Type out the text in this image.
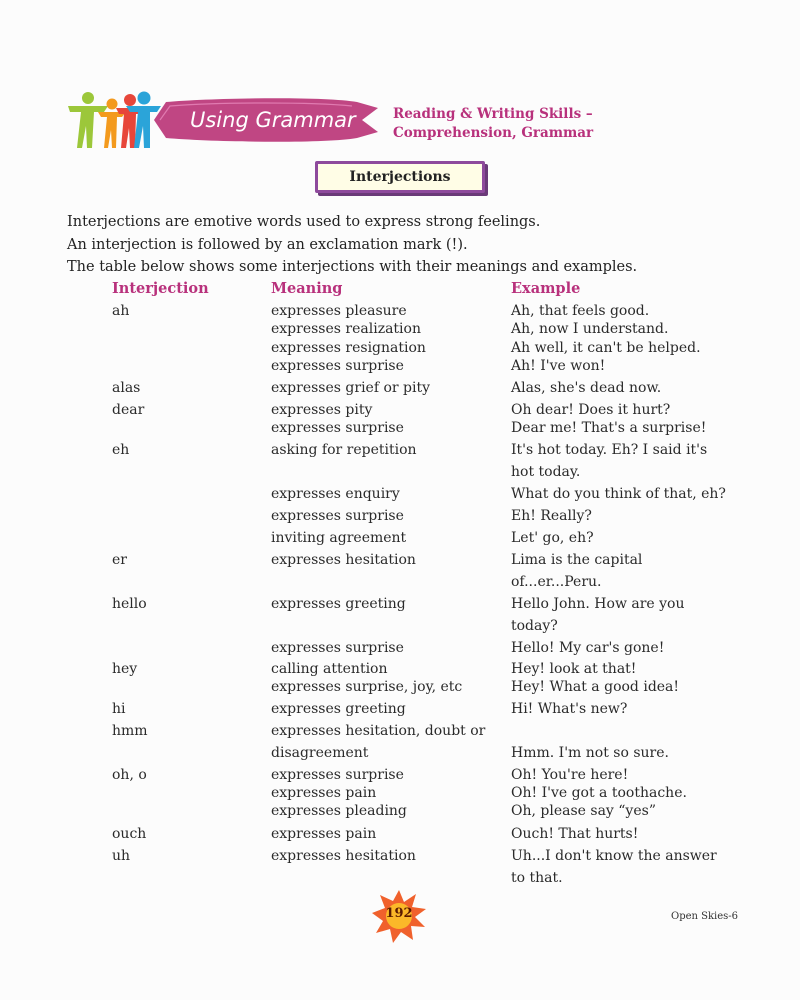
Using Grammar	Reading & Writing Skills –
Comprehension, Grammar
Interjections
Interjections are emotive words used to express strong feelings.
An interjection is followed by an exclamation mark (!).
The table below shows some interjections with their meanings and examples.
Interjection	Meaning	Example
ah	expresses pleasure	Ah, that feels good.
expresses realization	Ah, now I understand.
expresses resignation	Ah well, it can't be helped.
expresses surprise	Ah! I've won!
alas	expresses grief or pity	Alas, she's dead now.
dear	expresses pity	Oh dear! Does it hurt?
expresses surprise	Dear me! That's a surprise!
eh	asking for repetition	It's hot today. Eh? I said it's
hot today.
expresses enquiry	What do you think of that, eh?
expresses surprise	Eh! Really?
inviting agreement	Let' go, eh?
er	expresses hesitation	Lima is the capital
of...er...Peru.
hello	expresses greeting	Hello John. How are you
today?
expresses surprise	Hello! My car's gone!
hey	calling attention	Hey! look at that!
expresses surprise, joy, etc	Hey! What a good idea!
hi	expresses greeting	Hi! What's new?
hmm	expresses hesitation, doubt or
disagreement	Hmm. I'm not so sure.
oh, o	expresses surprise	Oh! You're here!
expresses pain	Oh! I've got a toothache.
expresses pleading	Oh, please say “yes”
ouch	expresses pain	Ouch! That hurts!
uh	expresses hesitation	Uh...I don't know the answer
to that.
192	Open Skies-6
